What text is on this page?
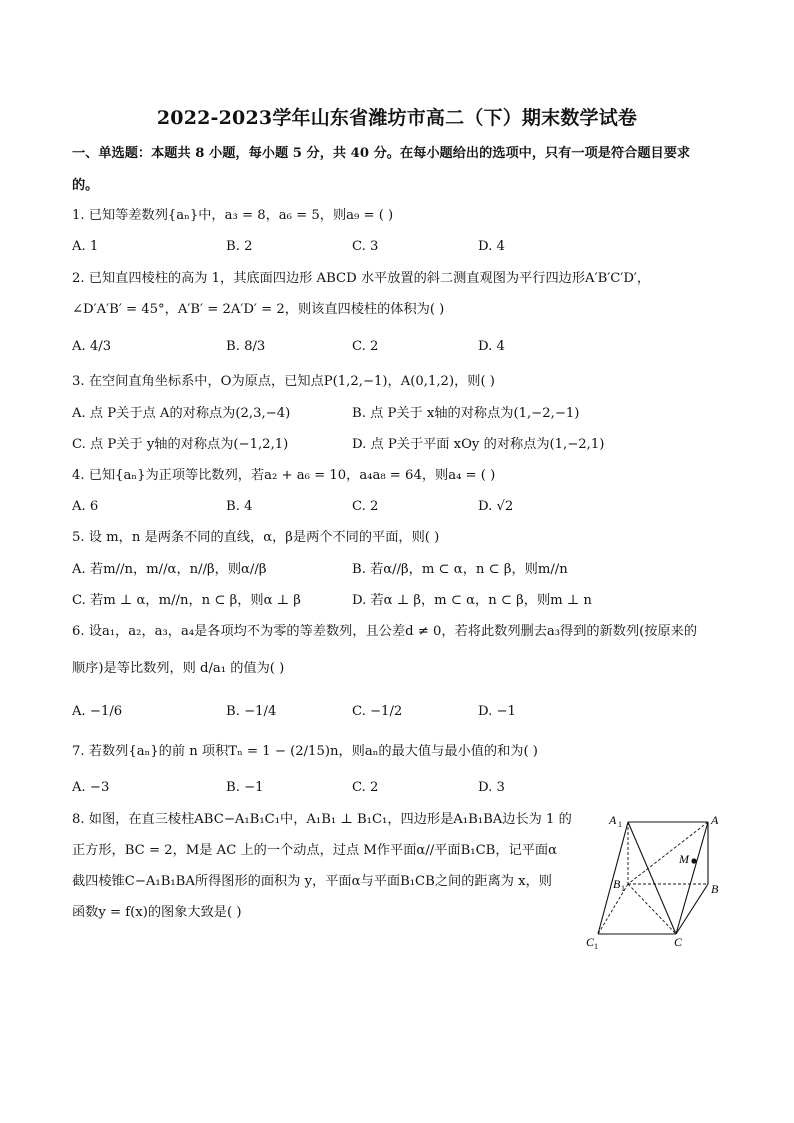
2022-2023学年山东省潍坊市高二（下）期末数学试卷
一、单选题：本题共 8 小题，每小题 5 分，共 40 分。在每小题给出的选项中，只有一项是符合题目要求
的。
1. 已知等差数列{aₙ}中，a₃ = 8，a₆ = 5，则a₉ = ( )
A. 1	B. 2	C. 3	D. 4
2. 已知直四棱柱的高为 1，其底面四边形 ABCD 水平放置的斜二测直观图为平行四边形A′B′C′D′，
∠D′A′B′ = 45°，A′B′ = 2A′D′ = 2，则该直四棱柱的体积为( )
A. 4/3	B. 8/3	C. 2	D. 4
3. 在空间直角坐标系中，O为原点，已知点P(1,2,−1)，A(0,1,2)，则( )
A. 点 P关于点 A的对称点为(2,3,−4)	B. 点 P关于 x轴的对称点为(1,−2,−1)
C. 点 P关于 y轴的对称点为(−1,2,1)	D. 点 P关于平面 xOy 的对称点为(1,−2,1)
4. 已知{aₙ}为正项等比数列，若a₂ + a₆ = 10，a₄a₈ = 64，则a₄ = ( )
A. 6	B. 4	C. 2	D. √2
5. 设 m，n 是两条不同的直线，α，β是两个不同的平面，则( )
A. 若m//n，m//α，n//β，则α//β	B. 若α//β，m ⊂ α，n ⊂ β，则m//n
C. 若m ⊥ α，m//n，n ⊂ β，则α ⊥ β	D. 若α ⊥ β，m ⊂ α，n ⊂ β，则m ⊥ n
6. 设a₁，a₂，a₃，a₄是各项均不为零的等差数列，且公差d ≠ 0，若将此数列删去a₃得到的新数列(按原来的
顺序)是等比数列，则 d/a₁ 的值为( )
A. −1/6	B. −1/4	C. −1/2	D. −1
7. 若数列{aₙ}的前 n 项积Tₙ = 1 − (2/15)n，则aₙ的最大值与最小值的和为( )
A. −3	B. −1	C. 2	D. 3
8. 如图，在直三棱柱ABC−A₁B₁C₁中，A₁B₁ ⊥ B₁C₁，四边形是A₁B₁BA边长为 1 的
正方形，BC = 2，M是 AC 上的一个动点，过点 M作平面α//平面B₁CB，记平面α
截四棱锥C−A₁B₁BA所得图形的面积为 y，平面α与平面B₁CB之间的距离为 x，则
函数y = f(x)的图象大致是( )
A 1	A
M
B 1	B
C 1	C
